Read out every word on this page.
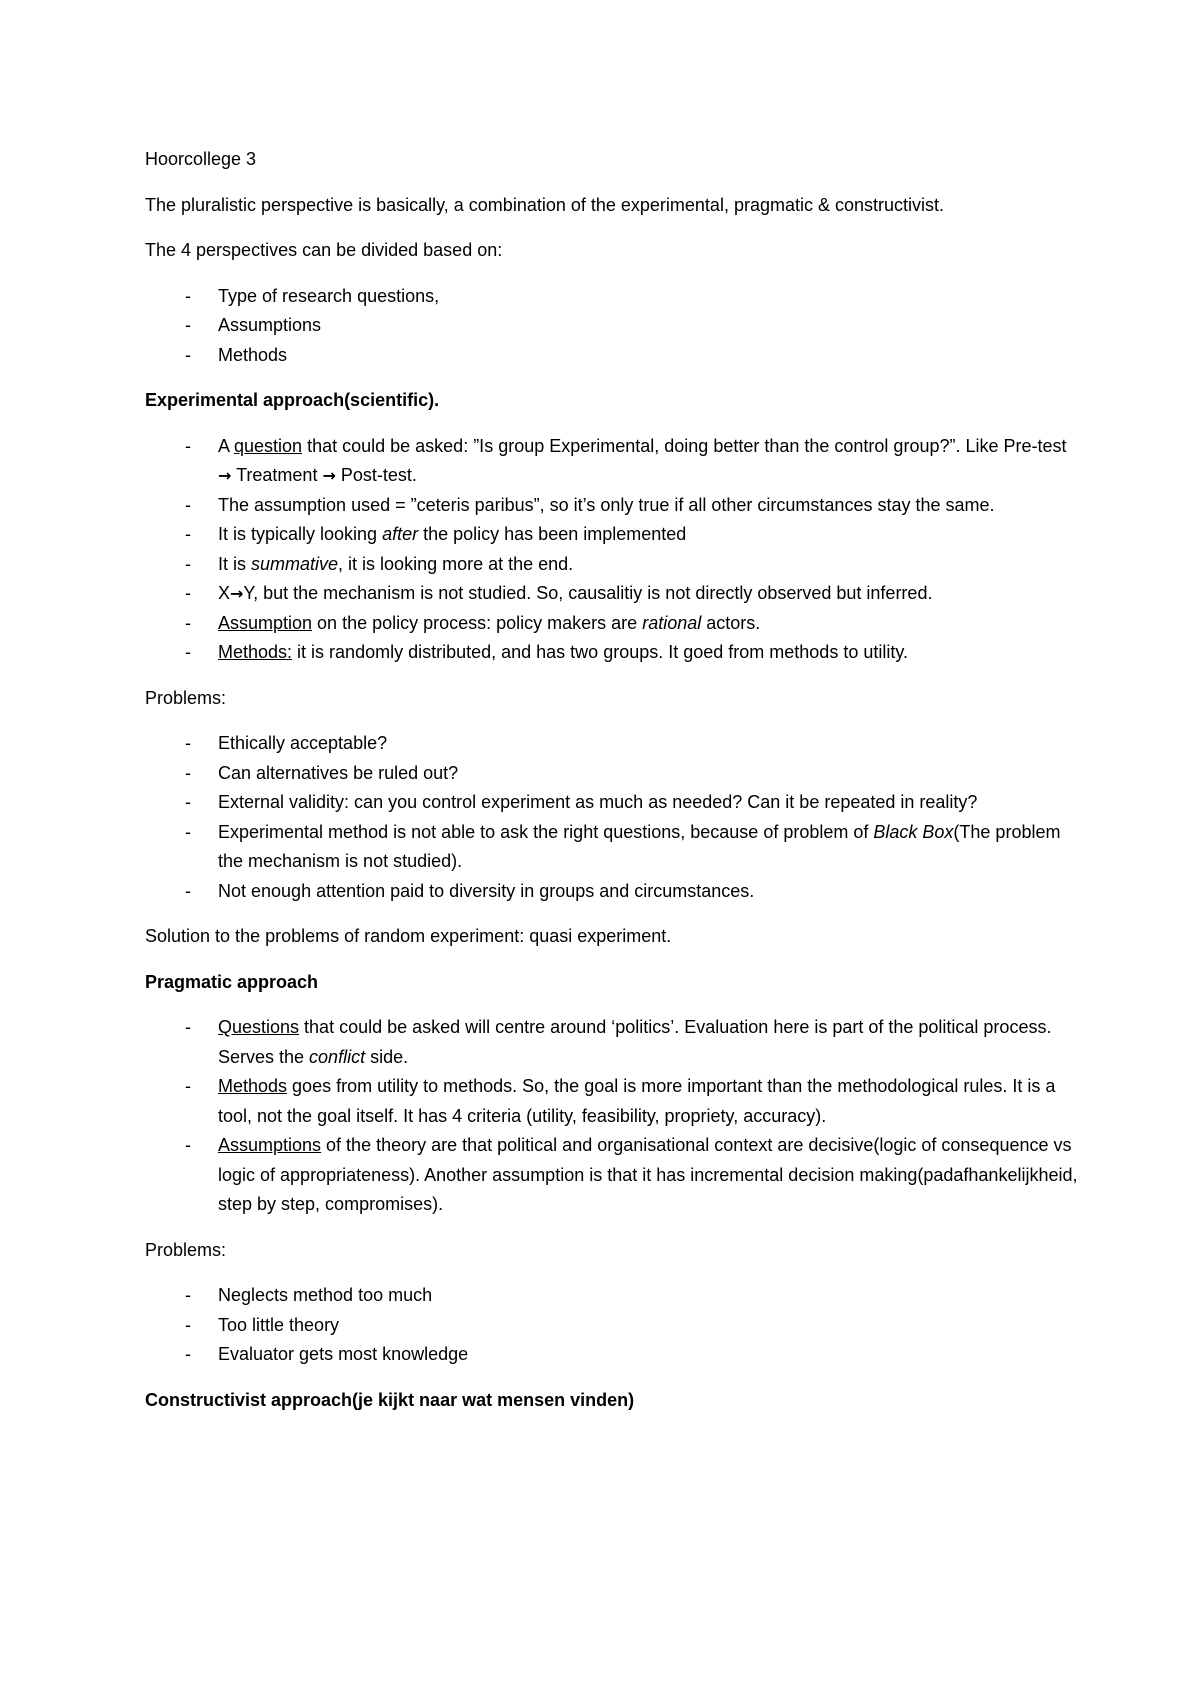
Hoorcollege 3

The pluralistic perspective is basically, a combination of the experimental, pragmatic & constructivist.

The 4 perspectives can be divided based on:

- Type of research questions,
- Assumptions
- Methods

Experimental approach(scientific).

- A question that could be asked: ”Is group Experimental, doing better than the control group?”. Like Pre-test → Treatment → Post-test.
- The assumption used = ”ceteris paribus”, so it’s only true if all other circumstances stay the same.
- It is typically looking after the policy has been implemented
- It is summative, it is looking more at the end.
- X→Y, but the mechanism is not studied. So, causalitiy is not directly observed but inferred.
- Assumption on the policy process: policy makers are rational actors.
- Methods: it is randomly distributed, and has two groups. It goed from methods to utility.

Problems:

- Ethically acceptable?
- Can alternatives be ruled out?
- External validity: can you control experiment as much as needed? Can it be repeated in reality?
- Experimental method is not able to ask the right questions, because of problem of Black Box(The problem the mechanism is not studied).
- Not enough attention paid to diversity in groups and circumstances.

Solution to the problems of random experiment: quasi experiment.

Pragmatic approach

- Questions that could be asked will centre around ‘politics’. Evaluation here is part of the political process. Serves the conflict side.
- Methods goes from utility to methods. So, the goal is more important than the methodological rules. It is a tool, not the goal itself. It has 4 criteria (utility, feasibility, propriety, accuracy).
- Assumptions of the theory are that political and organisational context are decisive(logic of consequence vs logic of appropriateness). Another assumption is that it has incremental decision making(padafhankelijkheid, step by step, compromises).

Problems:

- Neglects method too much
- Too little theory
- Evaluator gets most knowledge

Constructivist approach(je kijkt naar wat mensen vinden)
